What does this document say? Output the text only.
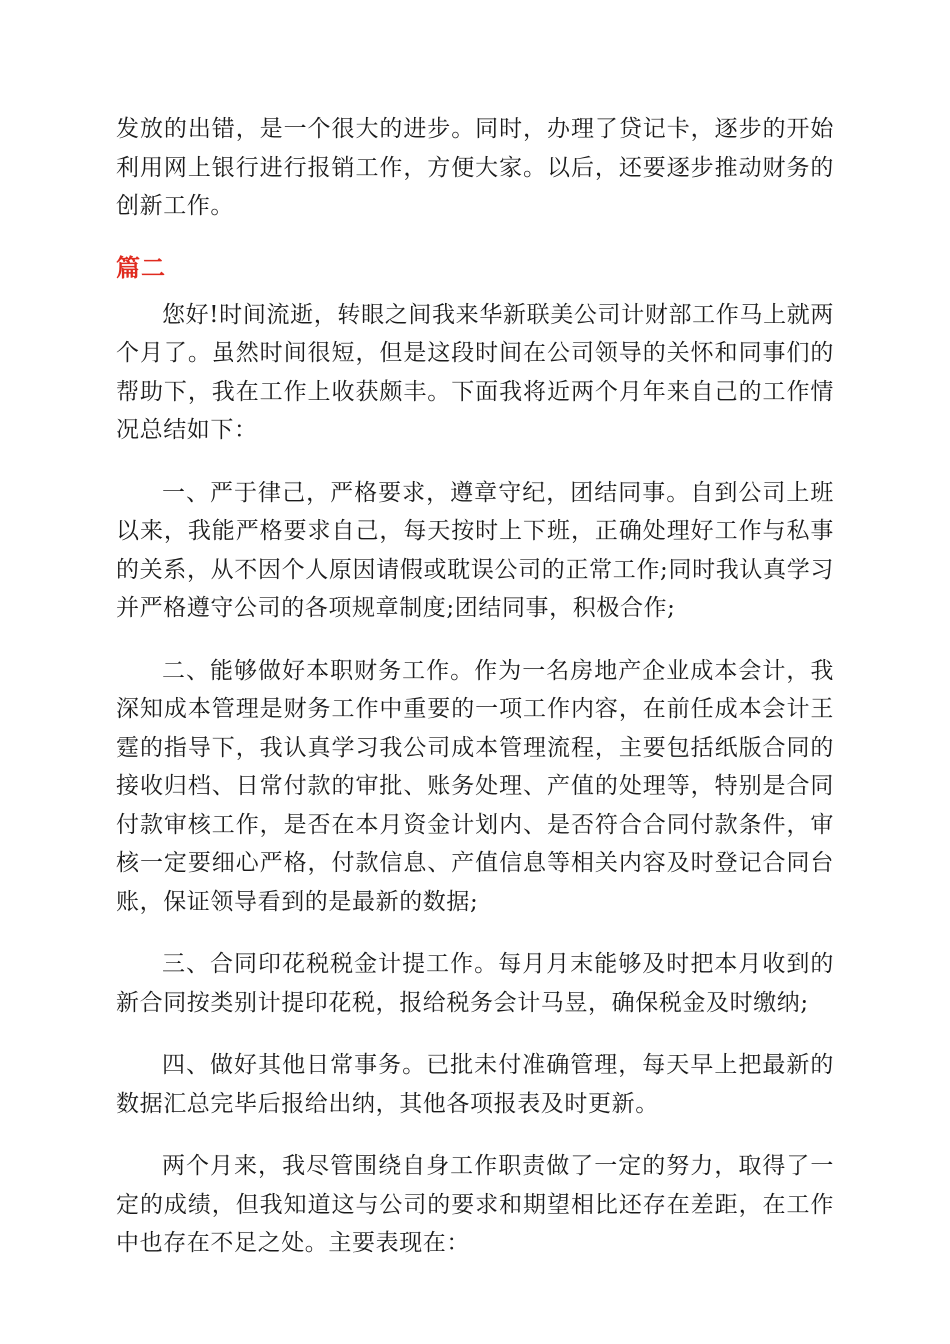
发放的出错，是一个很大的进步。同时，办理了贷记卡，逐步的开始利用网上银行进行报销工作，方便大家。以后，还要逐步推动财务的创新工作。

篇二

您好!时间流逝，转眼之间我来华新联美公司计财部工作马上就两个月了。虽然时间很短，但是这段时间在公司领导的关怀和同事们的帮助下，我在工作上收获颇丰。下面我将近两个月年来自己的工作情况总结如下：

一、严于律己，严格要求，遵章守纪，团结同事。自到公司上班以来，我能严格要求自己，每天按时上下班，正确处理好工作与私事的关系，从不因个人原因请假或耽误公司的正常工作;同时我认真学习并严格遵守公司的各项规章制度;团结同事，积极合作;

二、能够做好本职财务工作。作为一名房地产企业成本会计，我深知成本管理是财务工作中重要的一项工作内容，在前任成本会计王霆的指导下，我认真学习我公司成本管理流程，主要包括纸版合同的接收归档、日常付款的审批、账务处理、产值的处理等，特别是合同付款审核工作，是否在本月资金计划内、是否符合合同付款条件，审核一定要细心严格，付款信息、产值信息等相关内容及时登记合同台账，保证领导看到的是最新的数据;

三、合同印花税税金计提工作。每月月末能够及时把本月收到的新合同按类别计提印花税，报给税务会计马昱，确保税金及时缴纳;

四、做好其他日常事务。已批未付准确管理，每天早上把最新的数据汇总完毕后报给出纳，其他各项报表及时更新。

两个月来，我尽管围绕自身工作职责做了一定的努力，取得了一定的成绩，但我知道这与公司的要求和期望相比还存在差距，在工作中也存在不足之处。主要表现在：
